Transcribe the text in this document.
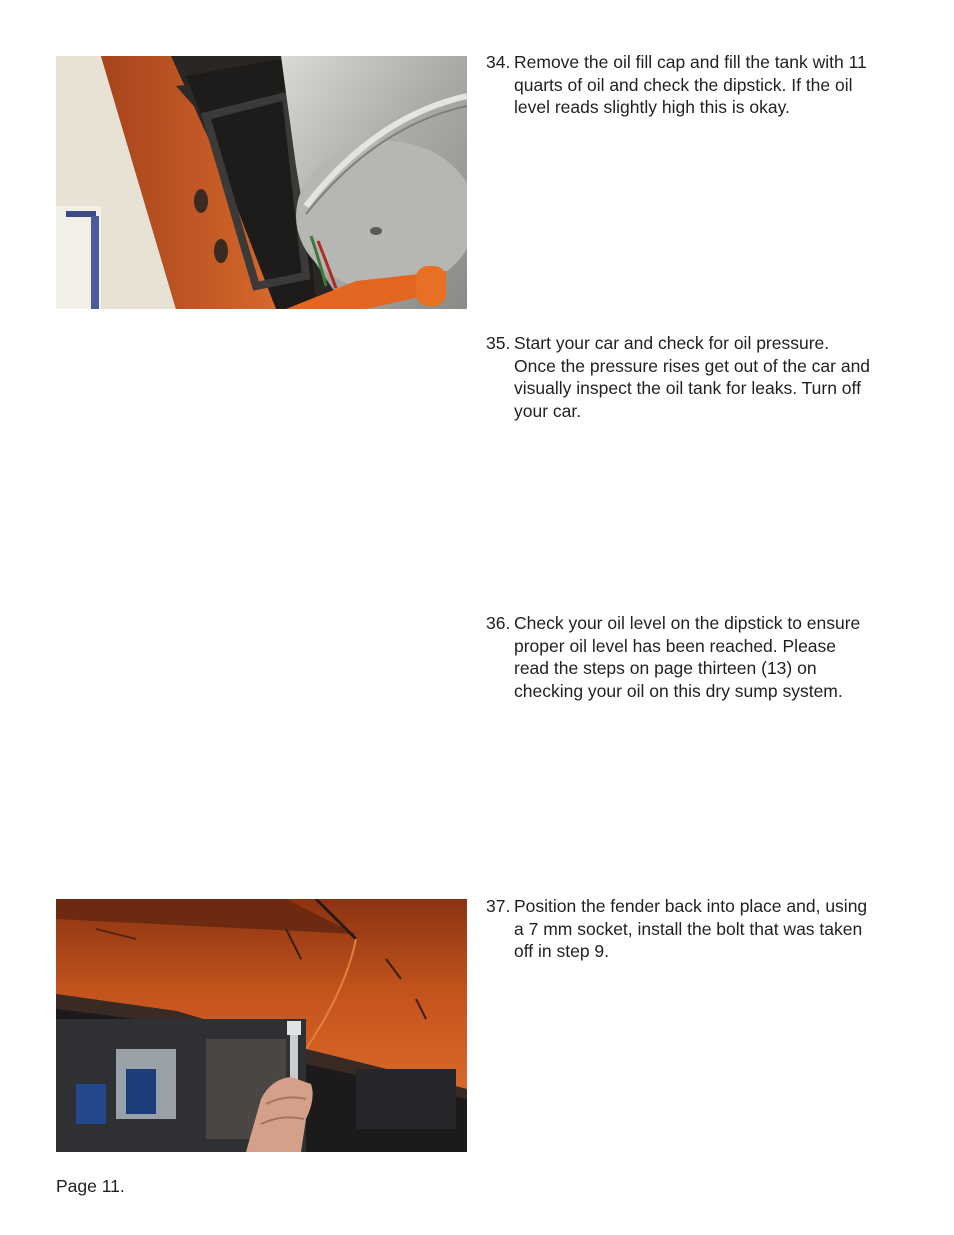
34. Remove the oil fill cap and fill the tank with 11
quarts of oil and check the dipstick. If the oil
level reads slightly high this is okay.
35. Start your car and check for oil pressure.
Once the pressure rises get out of the car and
visually inspect the oil tank for leaks. Turn off
your car.
36. Check your oil level on the dipstick to ensure
proper oil level has been reached. Please
read the steps on page thirteen (13) on
checking your oil on this dry sump system.
37. Position the fender back into place and, using
a 7 mm socket, install the bolt that was taken
off in step 9.
Page 11.
